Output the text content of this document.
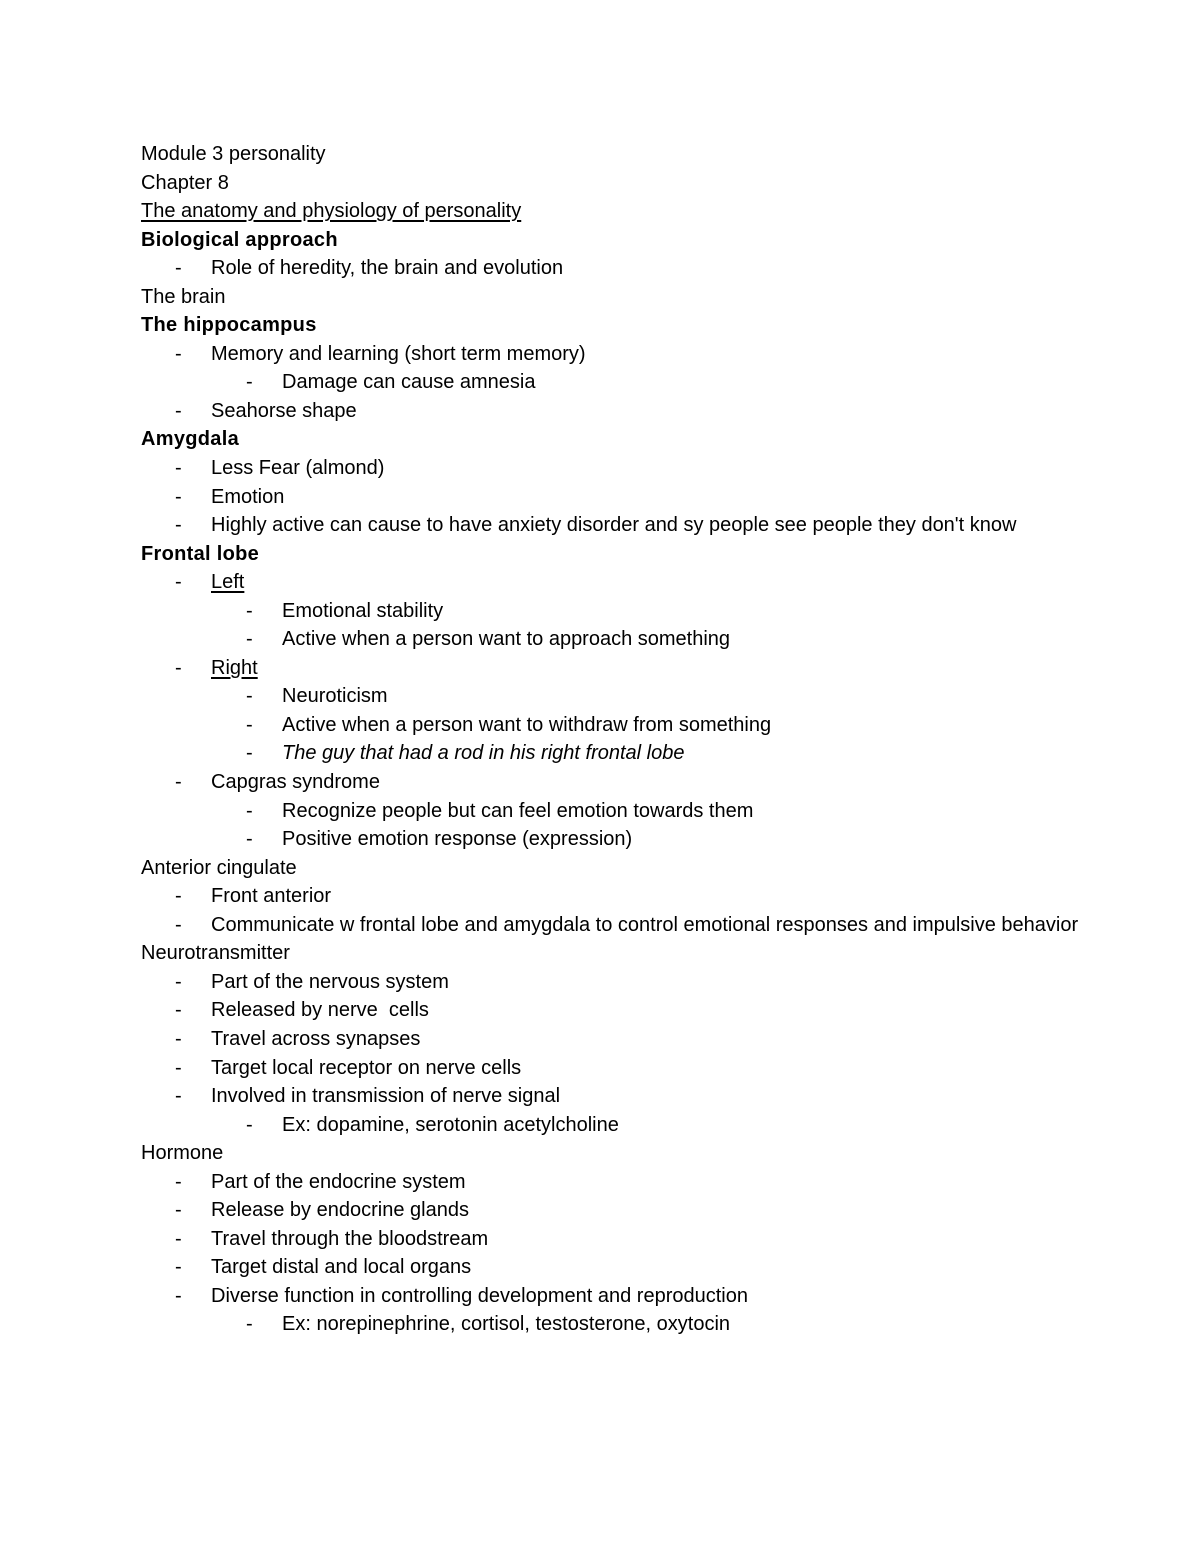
Module 3 personality
Chapter 8
The anatomy and physiology of personality
Biological approach
- Role of heredity, the brain and evolution
The brain
The hippocampus
- Memory and learning (short term memory)
- Damage can cause amnesia
- Seahorse shape
Amygdala
- Less Fear (almond)
- Emotion
- Highly active can cause to have anxiety disorder and sy people see people they don't know
Frontal lobe
- Left
- Emotional stability
- Active when a person want to approach something
- Right
- Neuroticism
- Active when a person want to withdraw from something
- The guy that had a rod in his right frontal lobe
- Capgras syndrome
- Recognize people but can feel emotion towards them
- Positive emotion response (expression)
Anterior cingulate
- Front anterior
- Communicate w frontal lobe and amygdala to control emotional responses and impulsive behavior
Neurotransmitter
- Part of the nervous system
- Released by nerve  cells
- Travel across synapses
- Target local receptor on nerve cells
- Involved in transmission of nerve signal
- Ex: dopamine, serotonin acetylcholine
Hormone
- Part of the endocrine system
- Release by endocrine glands
- Travel through the bloodstream
- Target distal and local organs
- Diverse function in controlling development and reproduction
- Ex: norepinephrine, cortisol, testosterone, oxytocin
